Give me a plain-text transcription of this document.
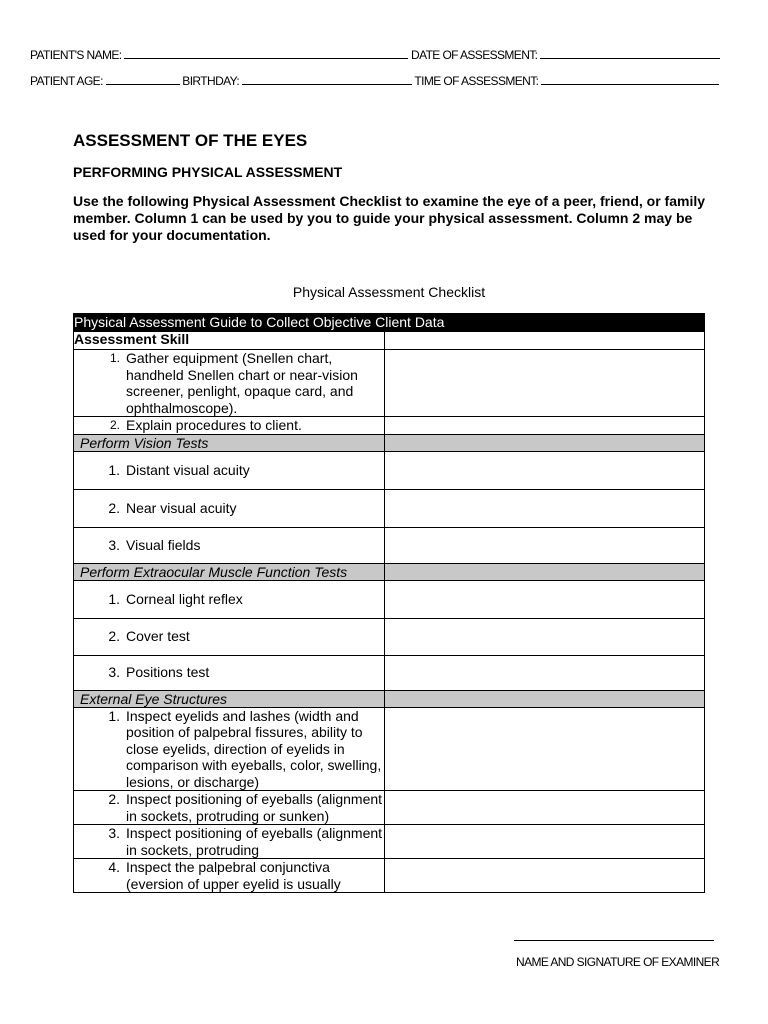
PATIENT'S NAME:	DATE OF ASSESSMENT:
PATIENT AGE:	BIRTHDAY:	TIME OF ASSESSMENT:
ASSESSMENT OF THE EYES
PERFORMING PHYSICAL ASSESSMENT
Use the following Physical Assessment Checklist to examine the eye of a peer, friend, or family member. Column 1 can be used by you to guide your physical assessment. Column 2 may be used for your documentation.
Physical Assessment Checklist
Physical Assessment Guide to Collect Objective Client Data	
Assessment Skill	

1. Gather equipment (Snellen chart, handheld Snellen chart or near-vision screener, penlight, opaque card, and ophthalmoscope).	

2. Explain procedures to client.	

Perform Vision Tests	

1. Distant visual acuity	

2. Near visual acuity	

3. Visual fields	

Perform Extraocular Muscle Function Tests	

1. Corneal light reflex	

2. Cover test	

3. Positions test	

External Eye Structures	

1. Inspect eyelids and lashes (width and position of palpebral fissures, ability to close eyelids, direction of eyelids in comparison with eyeballs, color, swelling, lesions, or discharge)	

2. Inspect positioning of eyeballs (alignment in sockets, protruding or sunken)	

3. Inspect positioning of eyeballs (alignment in sockets, protruding	

4. Inspect the palpebral conjunctiva (eversion of upper eyelid is usually	

NAME AND SIGNATURE OF EXAMINER
